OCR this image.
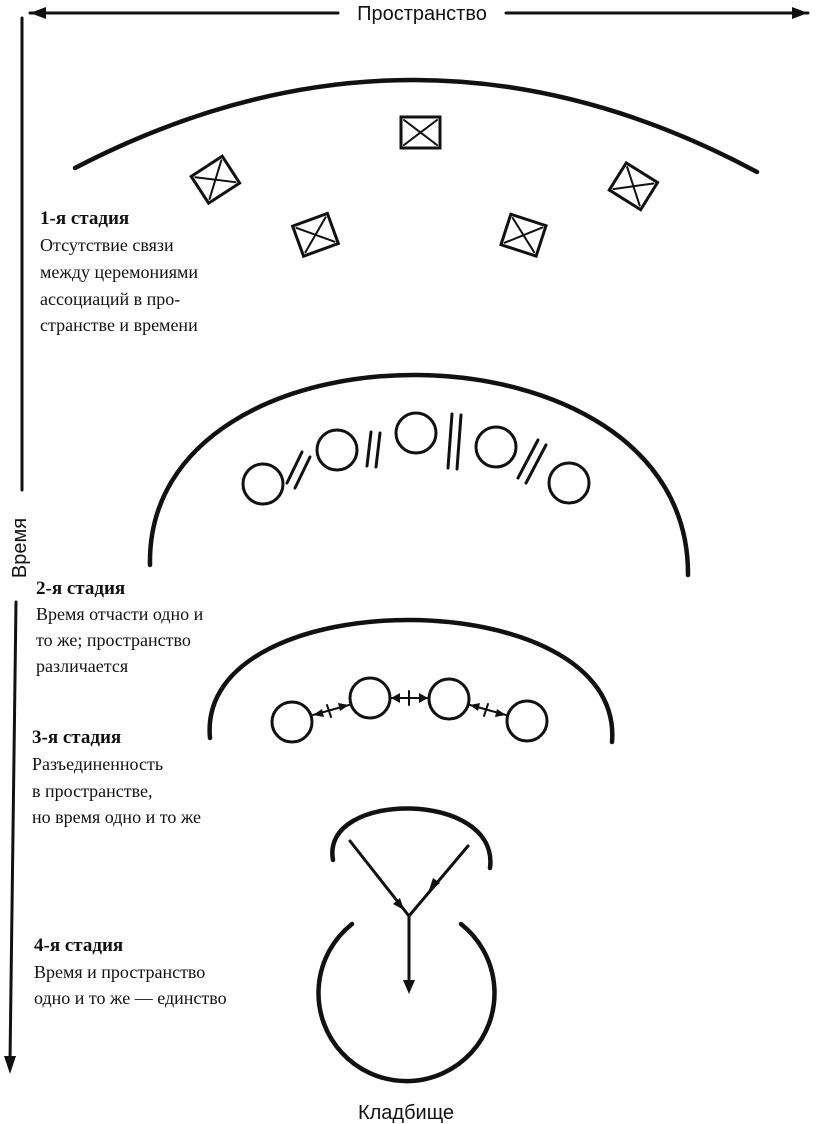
Пространство
Время
1-я стадия
Отсутствие связи
между церемониями
ассоциаций в про-
странстве и времени
2-я стадия
Время отчасти одно и
то же; пространство
различается
3-я стадия
Разъединенность
в пространстве,
но время одно и то же
4-я стадия
Время и пространство
одно и то же — единство
Кладбище
